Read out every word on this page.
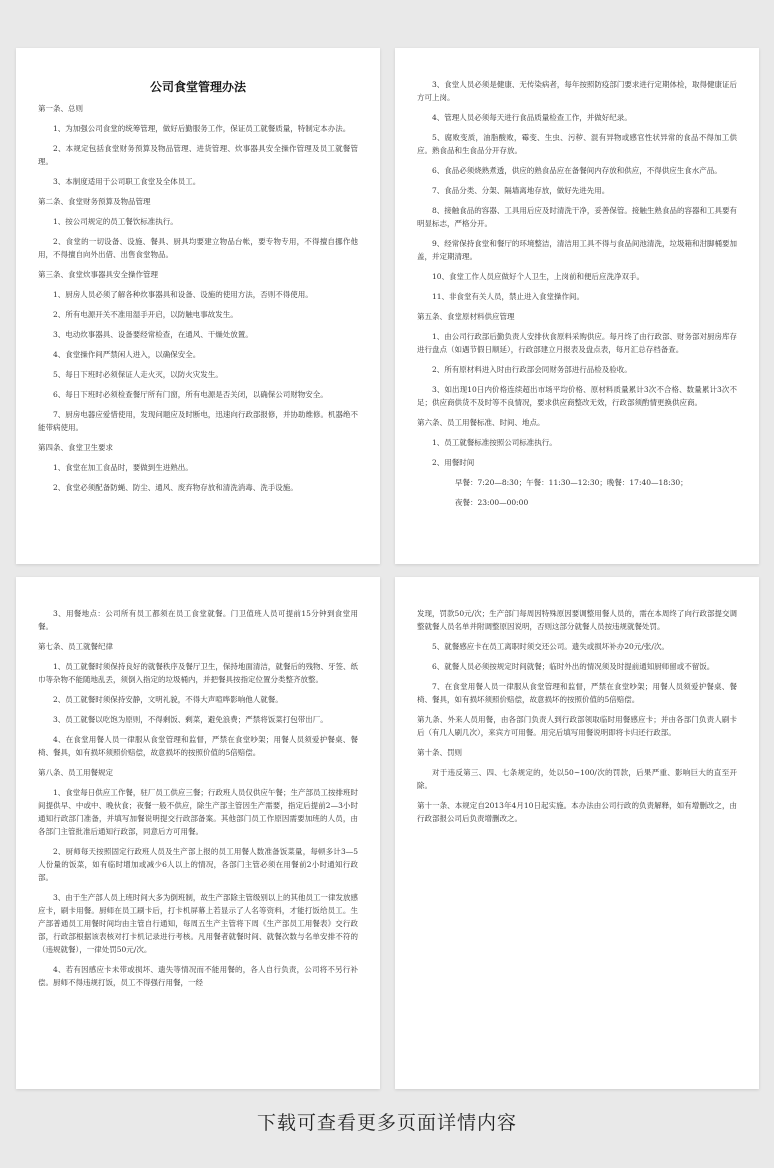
公司食堂管理办法

第一条、总则

1、为加强公司食堂的统筹管理，做好后勤服务工作，保证员工就餐质量，特制定本办法。

2、本规定包括食堂财务预算及物品管理、进货管理、炊事器具安全操作管理及员工就餐管理。

3、本制度适用于公司职工食堂及全体员工。

第二条、食堂财务预算及物品管理

1、按公司规定的员工餐饮标准执行。

2、食堂的一切设备、设施、餐具、厨具均要建立物品台帐，要专物专用，不得擅自挪作他用，不得擅自向外出借、出售食堂物品。

第三条、食堂炊事器具安全操作管理

1、厨房人员必须了解各种炊事器具和设备、设施的使用方法，否则不得使用。

2、所有电源开关不准用湿手开启，以防触电事故发生。

3、电动炊事器具、设备要经常检查，在通风、干燥处放置。

4、食堂操作间严禁闲人进入，以确保安全。

5、每日下班时必须保证人走火灭，以防火灾发生。

6、每日下班时必须检查餐厅所有门窗，所有电源是否关闭，以确保公司财物安全。

7、厨房电器应爱惜使用，发现问题应及时断电，迅速向行政部报修，并协助维修。机器绝不能带病使用。

第四条、食堂卫生要求

1、食堂在加工食品时，要做到生进熟出。

2、食堂必须配备防蝇、防尘、通风、废弃物存放和清洗消毒、洗手设施。

3、食堂人员必须是健康、无传染病者，每年按照防疫部门要求进行定期体检，取得健康证后方可上岗。

4、管理人员必须每天进行食品质量检查工作，并做好纪录。

5、腐败变质，油脂酸败，霉变、生虫、污秽、混有异物或感官性状异常的食品不得加工供应。熟食品和生食品分开存放。

6、食品必须烧熟煮透，供应的熟食品应在备餐间内存放和供应，不得供应生食水产品。

7、食品分类、分架、隔墙离地存放，做好先进先用。

8、接触食品的容器、工具用后应及时清洗干净，妥善保管。接触生熟食品的容器和工具要有明显标志，严格分开。

9、经常保持食堂和餐厅的环境整洁，清洁用工具不得与食品间池清洗，垃圾箱和泔脚桶要加盖，并定期清理。

10、食堂工作人员应做好个人卫生，上岗前和便后应洗净双手。

11、非食堂有关人员，禁止进入食堂操作间。

第五条、食堂原材料供应管理

1、由公司行政部后勤负责人安排伙食原料采购供应。每月终了由行政部、财务部对厨房库存进行盘点（如遇节假日顺延），行政部建立月报表及盘点表，每月汇总存档备查。

2、所有原材料进入时由行政部会同财务部进行品检及验收。

3、如出现10日内价格连续超出市场平均价格、原材料质量累计3次不合格、数量累计3次不足；供应商供货不及时等不良情况，要求供应商整改无效，行政部须酌情更换供应商。

第六条、员工用餐标准、时间、地点。

1、员工就餐标准按照公司标准执行。

2、用餐时间

早餐：7:20—8:30；午餐：11:30—12:30；晚餐：17:40—18:30；

夜餐：23:00—00:00

3、用餐地点：公司所有员工都须在员工食堂就餐。门卫值班人员可提前15分钟到食堂用餐。

第七条、员工就餐纪律

1、员工就餐时须保持良好的就餐秩序及餐厅卫生，保持地面清洁，就餐后的残物、牙签、纸巾等杂物不能随地乱丢，须倒入指定的垃圾桶内，并把餐具按指定位置分类整齐放整。

2、员工就餐时须保持安静，文明礼貌，不得大声喧哗影响他人就餐。

3、员工就餐以吃饱为原则，不得剩饭、剩菜，避免浪费；严禁将饭菜打包带出厂。

4、在食堂用餐人员一律服从食堂管理和监督，严禁在食堂吵架；用餐人员须爱护餐桌、餐椅、餐具，如有损坏须照价赔偿，故意损坏的按照价值的5倍赔偿。

第八条、员工用餐规定

1、食堂每日供应工作餐，驻厂员工供应三餐；行政班人员仅供应午餐；生产部员工按排班时间提供早、中或中、晚伙食；夜餐一般不供应，除生产部主管因生产需要，指定后提前2—3小时通知行政部门准备，并填写加餐说明提交行政部备案。其他部门员工作原因需要加班的人员，由各部门主管批准后通知行政部，同意后方可用餐。

2、厨师每天按照固定行政班人员及生产部上报的员工用餐人数准备饭菜量，每顿多计3—5人份量的饭菜，如有临时增加或减少6人以上的情况，各部门主管必须在用餐前2小时通知行政部。

3、由于生产部人员上班时间大多为倒班制，故生产部除主管级别以上的其他员工一律发放感应卡，刷卡用餐。厨师在员工刷卡后，打卡机屏幕上若显示了人名等资料，才能打饭给员工。生产部普通员工用餐时间均由主管自行通知，每周五生产主管将下周《生产部员工用餐表》交行政部，行政部根据该表核对打卡机记录进行考核。凡用餐者就餐时间、就餐次数与名单安排不符的（违规就餐），一律处罚50元/次。

4、若有因感应卡未带或损坏、遗失等情况而不能用餐的，各人自行负责，公司将不另行补偿。厨师不得违规打饭，员工不得强行用餐，一经

发现，罚款50元/次；生产部门每周因特殊原因要调整用餐人员的，需在本周终了向行政部提交调整就餐人员名单并附调整原因说明，否则这部分就餐人员按违规就餐处罚。

5、就餐感应卡在员工离职时须交还公司。遗失或损坏补办20元/张/次。

6、就餐人员必须按规定时间就餐；临时外出的情况须及时提前通知厨师留或不留饭。

7、在食堂用餐人员一律服从食堂管理和监督，严禁在食堂吵架；用餐人员须爱护餐桌、餐椅、餐具，如有损坏须照价赔偿，故意损坏的按照价值的5倍赔偿。

第九条、外来人员用餐，由各部门负责人到行政部领取临时用餐感应卡；并由各部门负责人刷卡后（有几人刷几次），来宾方可用餐。用完后填写用餐说明即将卡归还行政部。

第十条、罚则

对于违反第三、四、七条规定的，处以50~100/次的罚款，后果严重、影响巨大的直至开除。

第十一条、本规定自2013年4月10日起实施。本办法由公司行政的负责解释，如有增删改之，由行政部报公司后负责增删改之。

下载可查看更多页面详情内容
